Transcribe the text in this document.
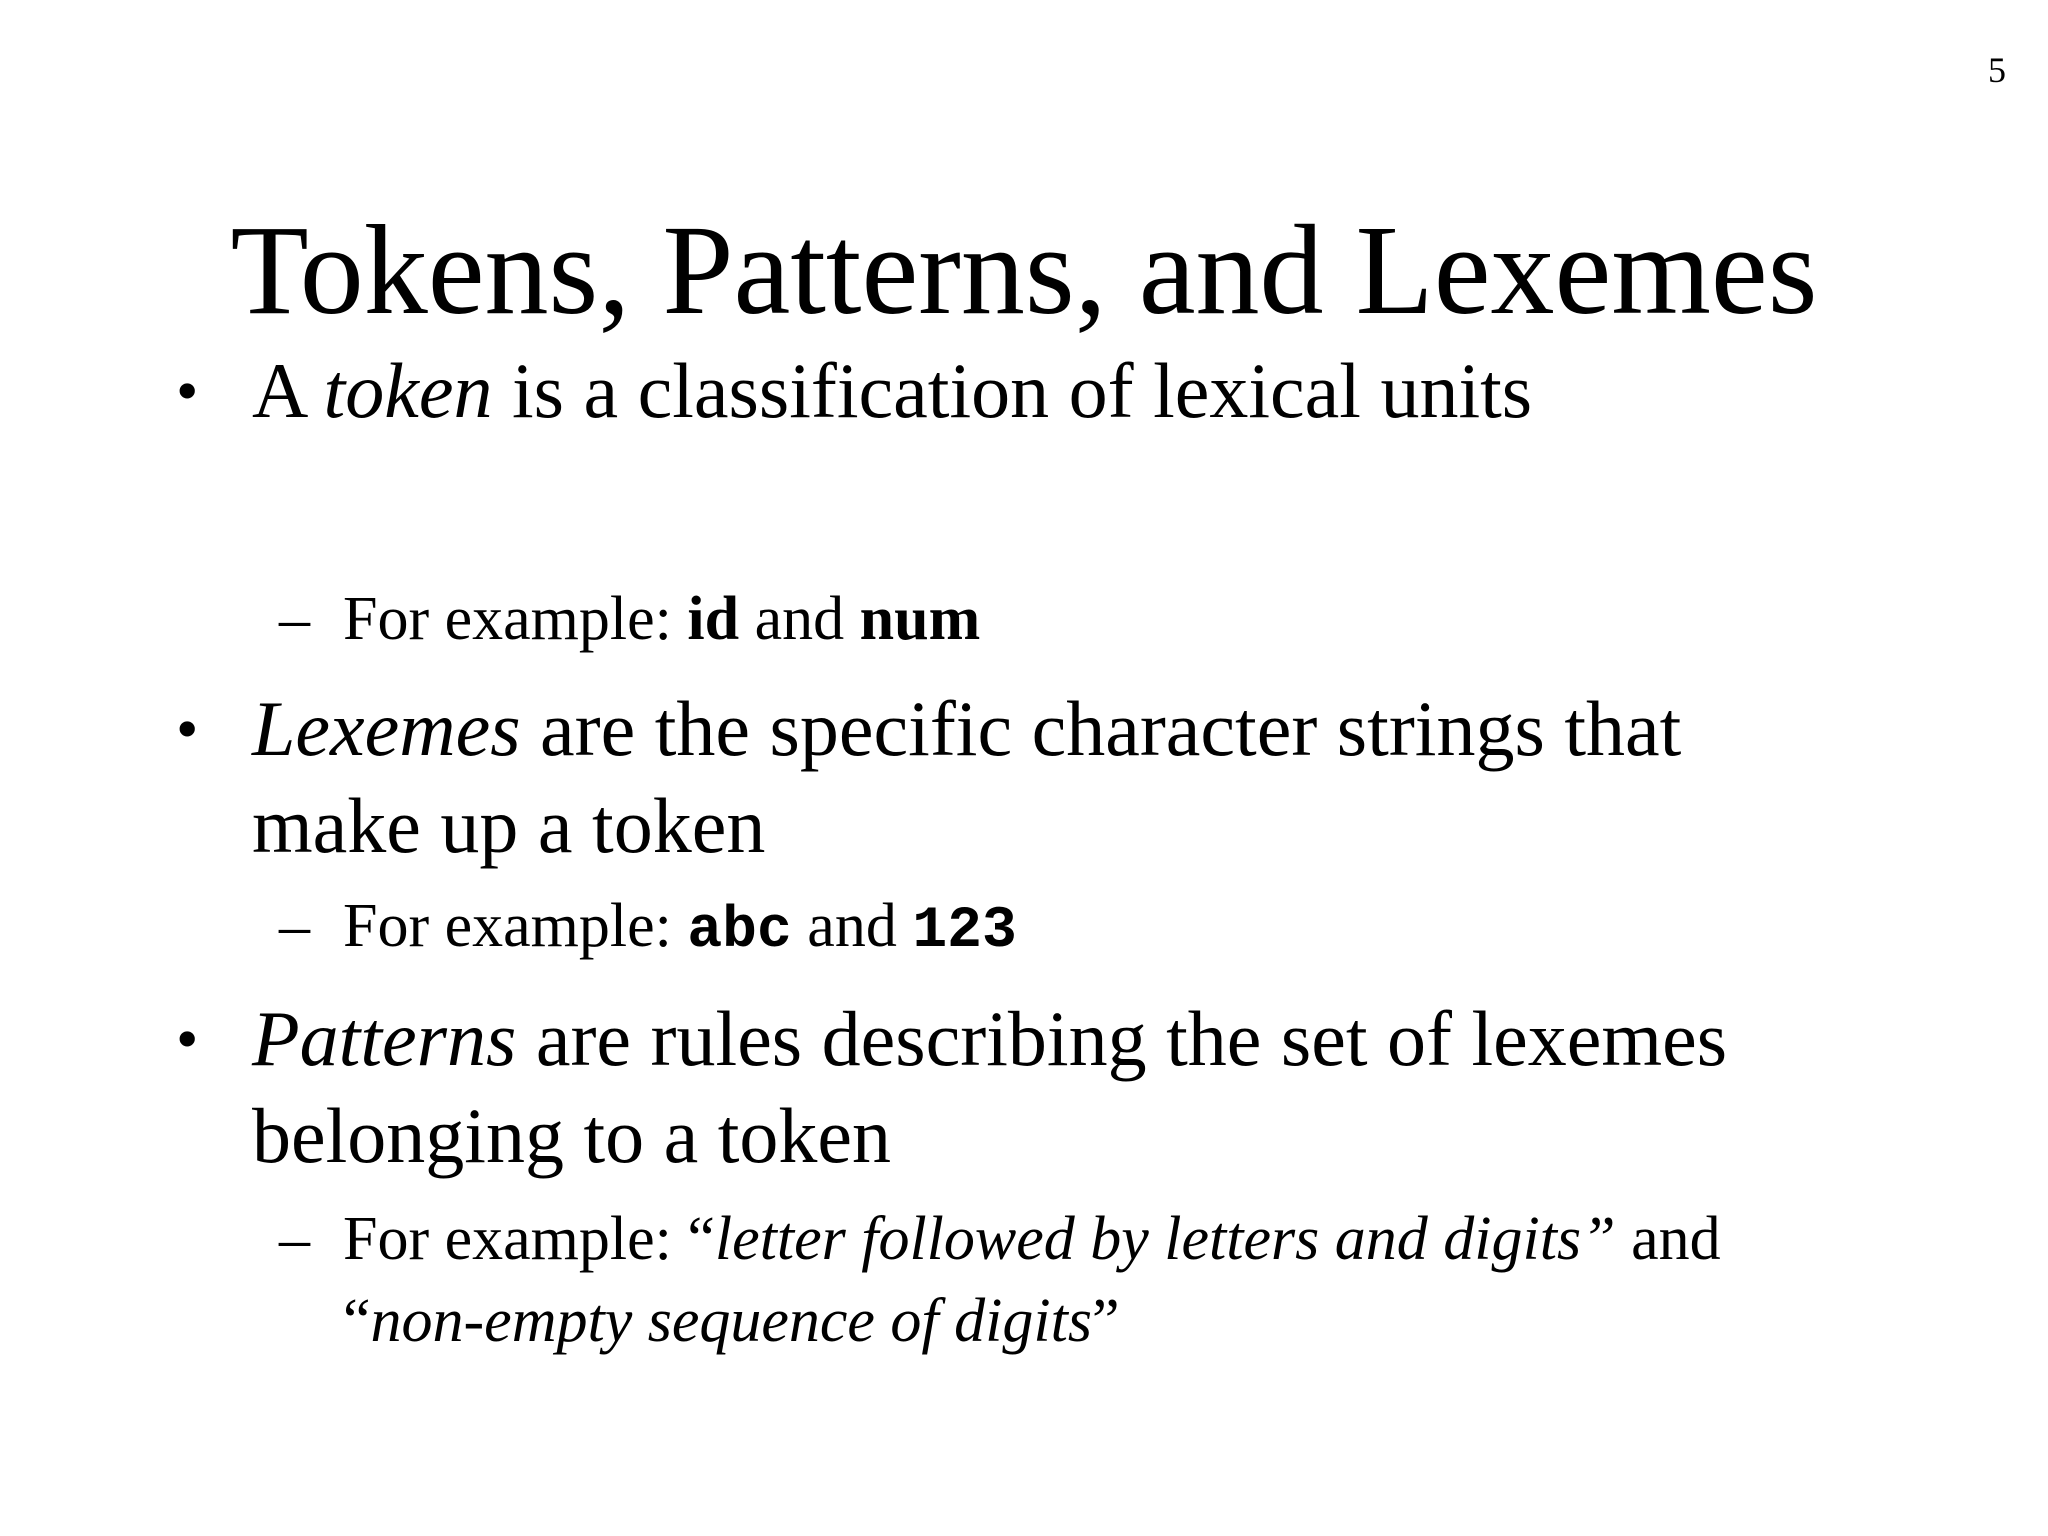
5
Tokens, Patterns, and Lexemes
• A token is a classification of lexical units
– For example: id and num
• Lexemes are the specific character strings that
make up a token
– For example: abc and 123
• Patterns are rules describing the set of lexemes
belonging to a token
– For example: “letter followed by letters and digits” and
“non-empty sequence of digits”
